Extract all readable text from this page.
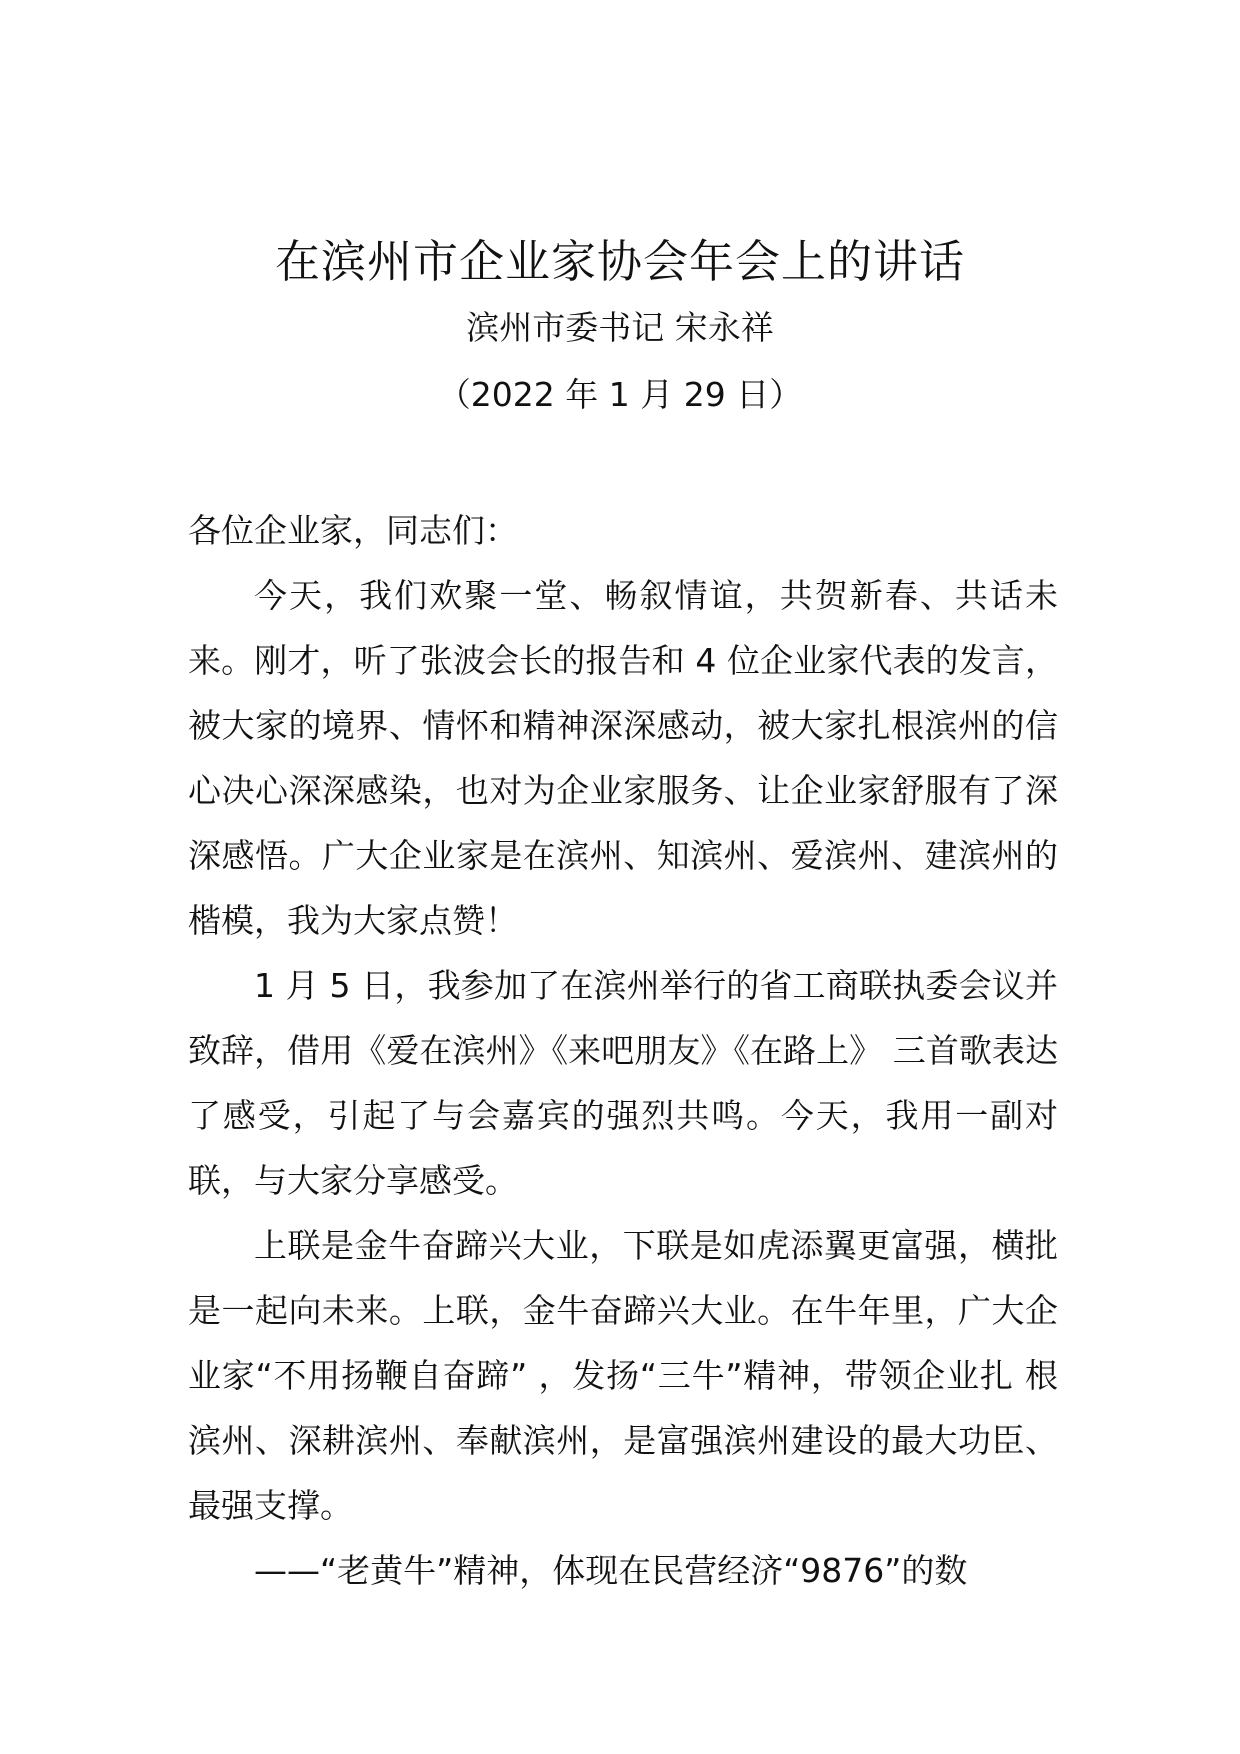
在滨州市企业家协会年会上的讲话
滨州市委书记 宋永祥
（2022 年 1 月 29 日）
各位企业家，同志们：
今天，我们欢聚一堂、畅叙情谊，共贺新春、共话未来。刚才，听了张波会长的报告和 4 位企业家代表的发言，被大家的境界、情怀和精神深深感动，被大家扎根滨州的信心决心深深感染，也对为企业家服务、让企业家舒服有了深深感悟。广大企业家是在滨州、知滨州、爱滨州、建滨州的楷模，我为大家点赞！
1 月 5 日，我参加了在滨州举行的省工商联执委会议并致辞，借用《爱在滨州》《来吧朋友》《在路上》 三首歌表达了感受，引起了与会嘉宾的强烈共鸣。今天，我用一副对联，与大家分享感受。
上联是金牛奋蹄兴大业，下联是如虎添翼更富强，横批是一起向未来。上联，金牛奋蹄兴大业。在牛年里，广大企业家“不用扬鞭自奋蹄” ，发扬“三牛”精神，带领企业扎 根滨州、深耕滨州、奉献滨州，是富强滨州建设的最大功臣、最强支撑。
——“老黄牛”精神，体现在民营经济“9876”的数
